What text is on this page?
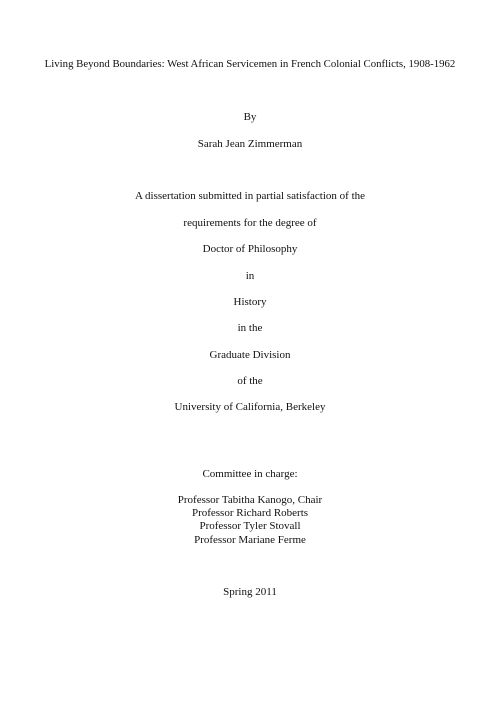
Living Beyond Boundaries: West African Servicemen in French Colonial Conflicts, 1908-1962
By
Sarah Jean Zimmerman
A dissertation submitted in partial satisfaction of the
requirements for the degree of
Doctor of Philosophy
in
History
in the
Graduate Division
of the
University of California, Berkeley
Committee in charge:
Professor Tabitha Kanogo, Chair
Professor Richard Roberts
Professor Tyler Stovall
Professor Mariane Ferme
Spring 2011
